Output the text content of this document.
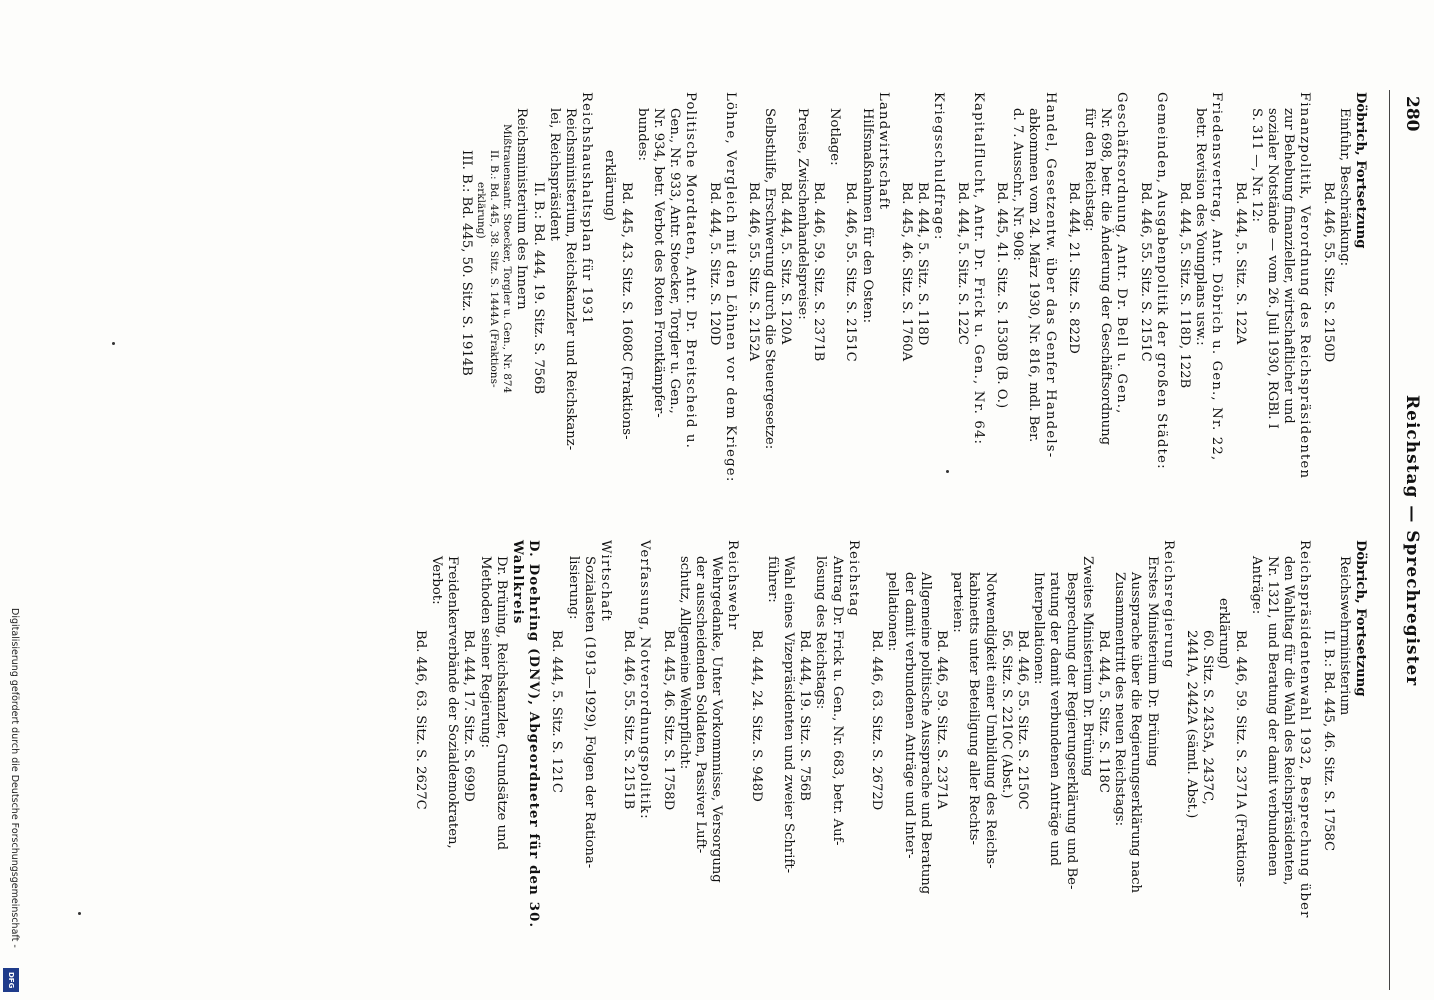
280
Reichstag — Sprechregister
Döbrich, Fortsetzung
Einfuhr, Beschränkung:
Bd. 446, 55. Sitz. S. 2150D
Finanzpolitik, Verordnung des Reichspräsidenten
zur Behebung finanzieller, wirtschaftlicher und
sozialer Notstände — vom 26. Juli 1930, RGBl. I
S. 311 —, Nr. 12:
Bd. 444, 5. Sitz. S. 122A
Friedensvertrag, Antr. Döbrich u. Gen., Nr. 22,
betr. Revision des Youngplans usw.:
Bd. 444, 5. Sitz. S. 118D, 122B
Gemeinden, Ausgabenpolitik der großen Städte:
Bd. 446, 55. Sitz. S. 2151C
Geschäftsordnung, Antr. Dr. Bell u. Gen.,
Nr. 698, betr. die Änderung der Geschäftsordnung
für den Reichstag:
Bd. 444, 21. Sitz. S. 822D
Handel, Gesetzentw. über das Genfer Handels-
abkommen vom 24. März 1930, Nr. 816, mdl. Ber.
d. 7. Ausschr., Nr. 908:
Bd. 445, 41. Sitz. S. 1530B (B. O.)
Kapitalflucht, Antr. Dr. Frick u. Gen., Nr. 64:
Bd. 444, 5. Sitz. S. 122C
Kriegsschuldfrage:
Bd. 444, 5. Sitz. S. 118D
Bd. 445, 46. Sitz. S. 1760A
Landwirtschaft
Hilfsmaßnahmen für den Osten:
Bd. 446, 55. Sitz. S. 2151C
Notlage:
Bd. 446, 59. Sitz. S. 2371B
Preise, Zwischenhandelspreise:
Bd. 444, 5. Sitz. S. 120A
Selbsthilfe, Erschwerung durch die Steuergesetze:
Bd. 446, 55. Sitz. S. 2152A
Löhne, Vergleich mit den Löhnen vor dem Kriege:
Bd. 444, 5. Sitz. S. 120D
Politische Mordtaten, Antr. Dr. Breitscheid u.
Gen., Nr. 933, Antr. Stoecker, Torgler u. Gen.,
Nr. 934, betr. Verbot des Roten Frontkämpfer-
bundes:
Bd. 445, 43. Sitz. S. 1608C (Fraktions-
erklärung)
Reichshaushaltsplan für 1931
Reichsministerium, Reichskanzler und Reichskanz-
lei, Reichspräsident
II. B.: Bd. 444, 19. Sitz. S. 756B
Reichsministerium des Innern
Mißtrauensantr. Stoecker, Torgler u. Gen., Nr. 874
II. B.: Bd. 445, 38. Sitz. S. 1444A (Fraktions-
erklärung)
III. B.: Bd. 445, 50. Sitz. S. 1914B
Döbrich, Fortsetzung
Reichswehrministerium
II. B.: Bd. 445, 46. Sitz. S. 1758C
Reichspräsidentenwahl 1932, Besprechung über
den Wahltag für die Wahl des Reichspräsidenten,
Nr. 1321, und Beratung der damit verbundenen
Anträge:
Bd. 446, 59. Sitz. S. 2371A (Fraktions-
erklärung)
60. Sitz. S. 2435A, 2437C,
2441A, 2442A (sämtl. Abst.)
Reichsregierung
Erstes Ministerium Dr. Brüning
Aussprache über die Regierungserklärung nach
Zusammentritt des neuen Reichstags:
Bd. 444, 5. Sitz. S. 118C
Zweites Ministerium Dr. Brüning
Besprechung der Regierungserklärung und Be-
ratung der damit verbundenen Anträge und
Interpellationen:
Bd. 446, 55. Sitz. S. 2150C
56. Sitz. S. 2210C (Abst.)
Notwendigkeit einer Umbildung des Reichs-
kabinetts unter Beteiligung aller Rechts-
parteien:
Bd. 446, 59. Sitz. S. 2371A
Allgemeine politische Aussprache und Beratung
der damit verbundenen Anträge und Inter-
pellationen:
Bd. 446, 63. Sitz. S. 2672D
Reichstag
Antrag Dr. Frick u. Gen., Nr. 683, betr. Auf-
lösung des Reichstags:
Bd. 444, 19. Sitz. S. 756B
Wahl eines Vizepräsidenten und zweier Schrift-
führer:
Bd. 444, 24. Sitz. S. 948D
Reichswehr
Wehrgedanke, Unter Vorkommnisse, Versorgung
der ausscheidenden Soldaten, Passiver Luft-
schutz, Allgemeine Wehrpflicht:
Bd. 445, 46. Sitz. S. 1758D
Verfassung, Notverordnungspolitik:
Bd. 446, 55. Sitz. S. 2151B
Wirtschaft
Sozialasten (1913—1929), Folgen der Rationa-
lisierung:
Bd. 444, 5. Sitz. S. 121C
D. Doehring (DNV), Abgeordneter für den 30. Wahlkreis
Dr. Brüning, Reichskanzler, Grundsätze und
Methoden seiner Regierung:
Bd. 444, 17. Sitz. S. 699D
Freidenkerverbände der Sozialdemokraten,
Verbot:
Bd. 446, 63. Sitz. S. 2627C
Digitalisierung gefördert durch die Deutsche Forschungsgemeinschaft -
DFG
